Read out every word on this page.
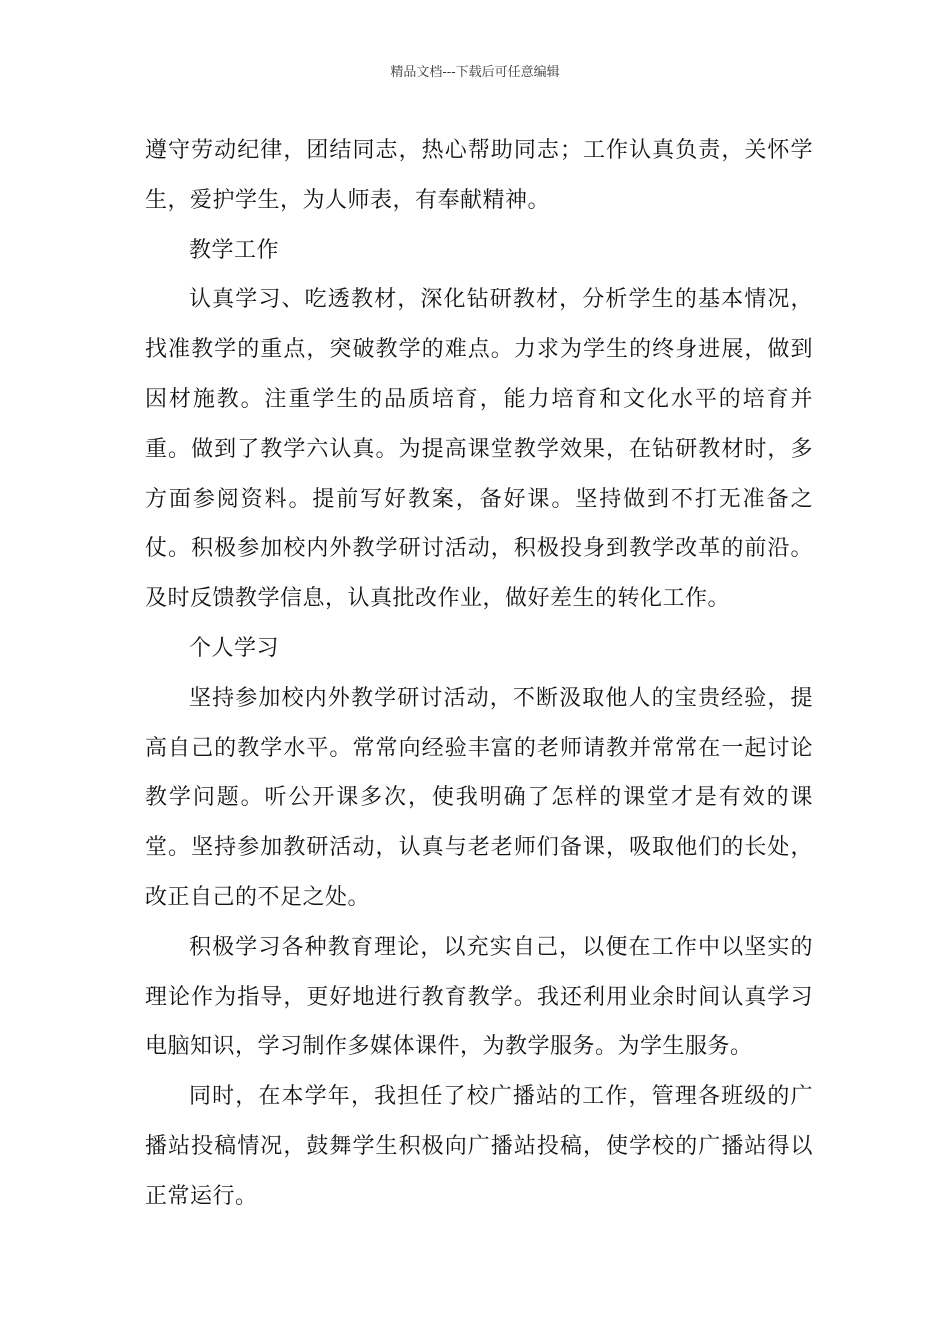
精品文档---下载后可任意编辑

遵守劳动纪律，团结同志，热心帮助同志；工作认真负责，关怀学生，爱护学生，为人师表，有奉献精神。

教学工作

认真学习、吃透教材，深化钻研教材，分析学生的基本情况，找准教学的重点，突破教学的难点。力求为学生的终身进展，做到因材施教。注重学生的品质培育，能力培育和文化水平的培育并重。做到了教学六认真。为提高课堂教学效果，在钻研教材时，多方面参阅资料。提前写好教案，备好课。坚持做到不打无准备之仗。积极参加校内外教学研讨活动，积极投身到教学改革的前沿。及时反馈教学信息，认真批改作业，做好差生的转化工作。

个人学习

坚持参加校内外教学研讨活动，不断汲取他人的宝贵经验，提高自己的教学水平。常常向经验丰富的老师请教并常常在一起讨论教学问题。听公开课多次，使我明确了怎样的课堂才是有效的课堂。坚持参加教研活动，认真与老老师们备课，吸取他们的长处，改正自己的不足之处。

积极学习各种教育理论，以充实自己，以便在工作中以坚实的理论作为指导，更好地进行教育教学。我还利用业余时间认真学习电脑知识，学习制作多媒体课件，为教学服务。为学生服务。

同时，在本学年，我担任了校广播站的工作，管理各班级的广播站投稿情况，鼓舞学生积极向广播站投稿，使学校的广播站得以正常运行。
